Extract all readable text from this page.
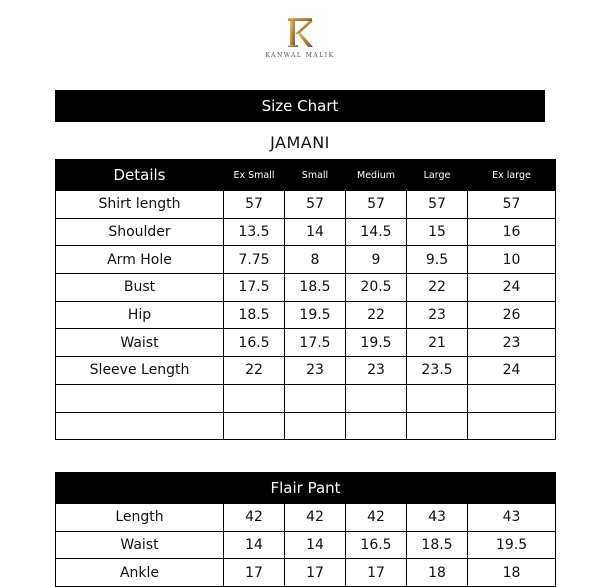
KANWAL MALIK
Size Chart
JAMANI
Details	Ex Small	Small	Medium	Large	Ex large
Shirt length	57	57	57	57	57
Shoulder	13.5	14	14.5	15	16
Arm Hole	7.75	8	9	9.5	10
Bust	17.5	18.5	20.5	22	24
Hip	18.5	19.5	22	23	26
Waist	16.5	17.5	19.5	21	23
Sleeve Length	22	23	23	23.5	24

Flair Pant					
Length	42	42	42	43	43
Waist	14	14	16.5	18.5	19.5
Ankle	17	17	17	18	18
